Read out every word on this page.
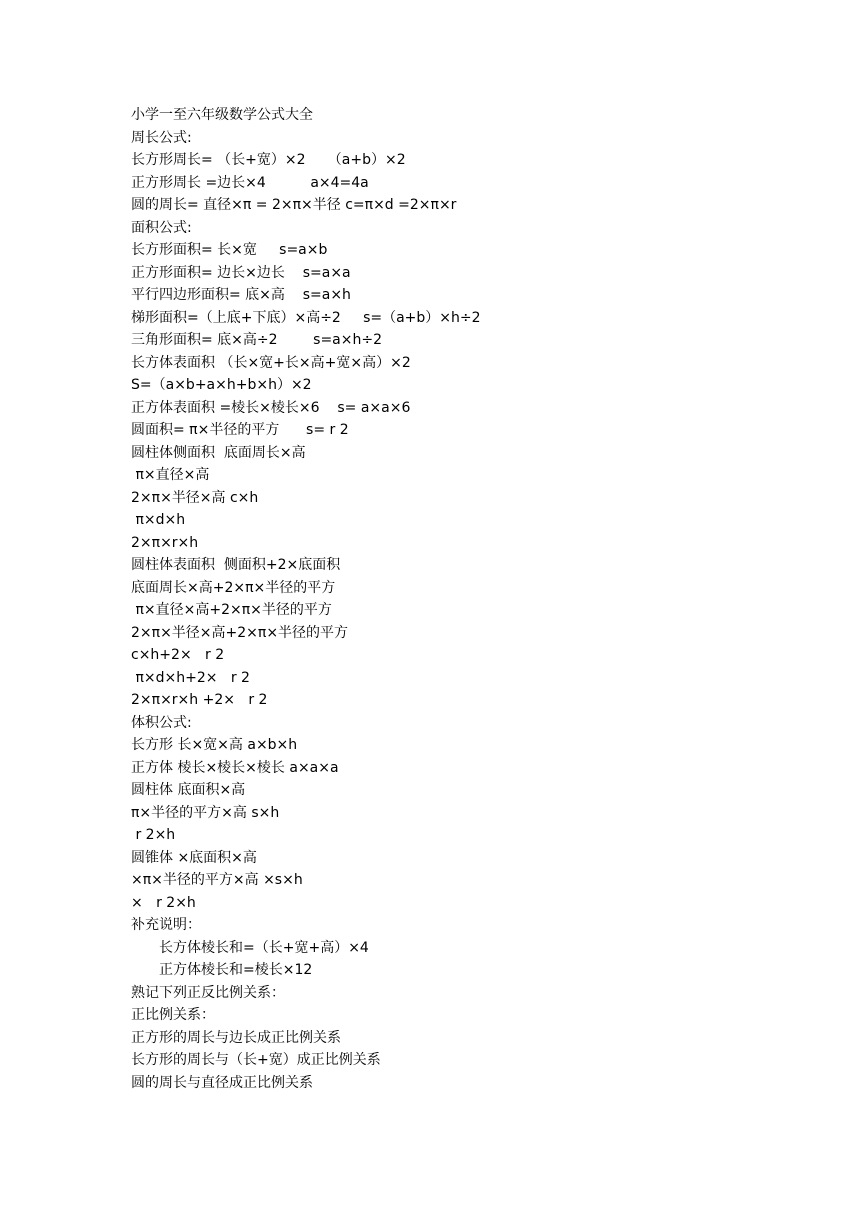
小学一至六年级数学公式大全
周长公式:
长方形周长= （长+宽）×2     （a+b）×2
正方形周长 =边长×4          a×4=4a
圆的周长= 直径×π = 2×π×半径 c=π×d =2×π×r
面积公式:
长方形面积= 长×宽     s=a×b
正方形面积= 边长×边长    s=a×a
平行四边形面积= 底×高    s=a×h
梯形面积=（上底+下底）×高÷2     s=（a+b）×h÷2
三角形面积= 底×高÷2        s=a×h÷2
长方体表面积 （长×宽+长×高+宽×高）×2
S=（a×b+a×h+b×h）×2
正方体表面积 =棱长×棱长×6    s= a×a×6
圆面积= π×半径的平方      s= r 2
圆柱体侧面积  底面周长×高
π×直径×高
2×π×半径×高 c×h
π×d×h
2×π×r×h
圆柱体表面积  侧面积+2×底面积
底面周长×高+2×π×半径的平方
π×直径×高+2×π×半径的平方
2×π×半径×高+2×π×半径的平方
c×h+2×   r 2
π×d×h+2×   r 2
2×π×r×h +2×   r 2
体积公式:
长方形 长×宽×高 a×b×h
正方体 棱长×棱长×棱长 a×a×a
圆柱体 底面积×高
π×半径的平方×高 s×h
r 2×h
圆锥体 ×底面积×高
×π×半径的平方×高 ×s×h
×   r 2×h
补充说明：
长方体棱长和=（长+宽+高）×4
正方体棱长和=棱长×12
熟记下列正反比例关系：
正比例关系：
正方形的周长与边长成正比例关系
长方形的周长与（长+宽）成正比例关系
圆的周长与直径成正比例关系
